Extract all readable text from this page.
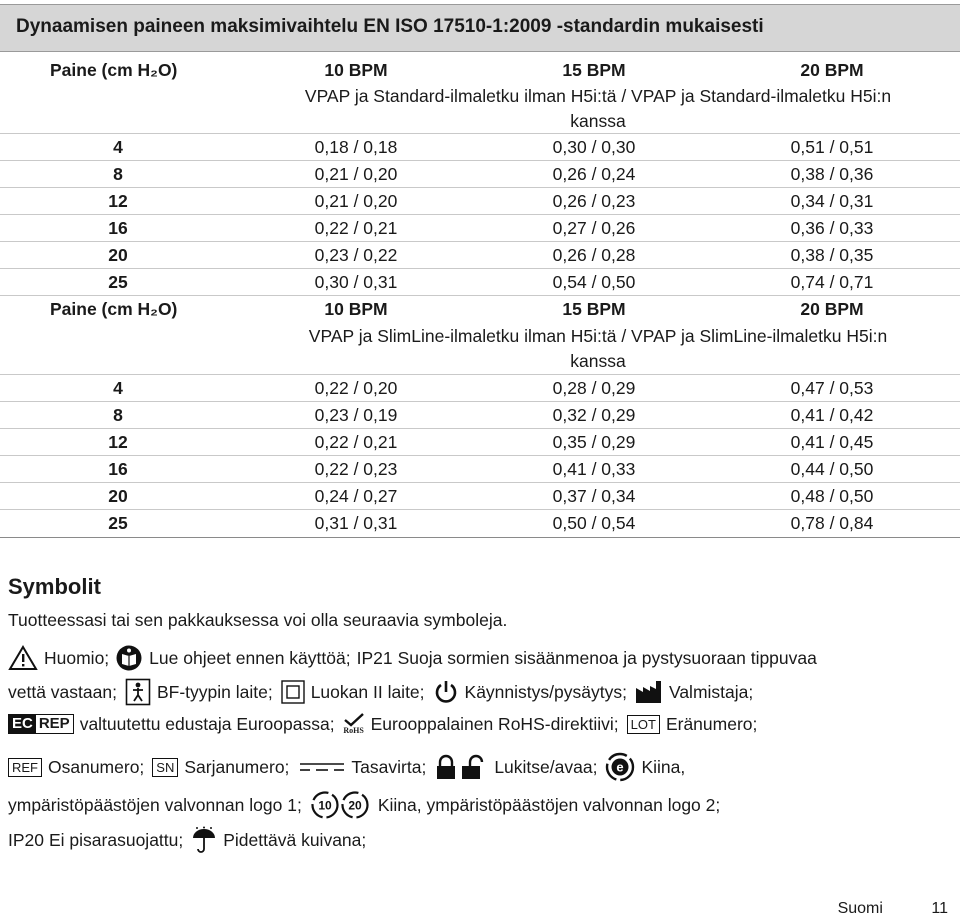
Dynaamisen paineen maksimivaihtelu EN ISO 17510-1:2009 -standardin mukaisesti
Paine (cm H₂O)	10 BPM	15 BPM	20 BPM
VPAP ja Standard-ilmaletku ilman H5i:tä / VPAP ja Standard-ilmaletku H5i:n
kanssa
4	0,18 / 0,18	0,30 / 0,30	0,51 / 0,51
8	0,21 / 0,20	0,26 / 0,24	0,38 / 0,36
12	0,21 / 0,20	0,26 / 0,23	0,34 / 0,31
16	0,22 / 0,21	0,27 / 0,26	0,36 / 0,33
20	0,23 / 0,22	0,26 / 0,28	0,38 / 0,35
25	0,30 / 0,31	0,54 / 0,50	0,74 / 0,71
Paine (cm H₂O)	10 BPM	15 BPM	20 BPM
VPAP ja SlimLine-ilmaletku ilman H5i:tä / VPAP ja SlimLine-ilmaletku H5i:n
kanssa
4	0,22 / 0,20	0,28 / 0,29	0,47 / 0,53
8	0,23 / 0,19	0,32 / 0,29	0,41 / 0,42
12	0,22 / 0,21	0,35 / 0,29	0,41 / 0,45
16	0,22 / 0,23	0,41 / 0,33	0,44 / 0,50
20	0,24 / 0,27	0,37 / 0,34	0,48 / 0,50
25	0,31 / 0,31	0,50 / 0,54	0,78 / 0,84
Symbolit
Tuotteessasi tai sen pakkauksessa voi olla seuraavia symboleja.
Huomio; Lue ohjeet ennen käyttöä; IP21 Suoja sormien sisäänmenoa ja pystysuoraan tippuvaa
vettä vastaan; BF-tyypin laite; Luokan II laite; Käynnistys/pysäytys; Valmistaja;
EC REP valtuutettu edustaja Euroopassa; RoHS Eurooppalainen RoHS-direktiivi; LOT Eränumero;
REF Osanumero; SN Sarjanumero;	Tasavirta;	Lukitse/avaa; e Kiina,
ympäristöpäästöjen valvonnan logo 1; 10 20 Kiina, ympäristöpäästöjen valvonnan logo 2;
IP20 Ei pisarasuojattu; Pidettävä kuivana;
Suomi	11
